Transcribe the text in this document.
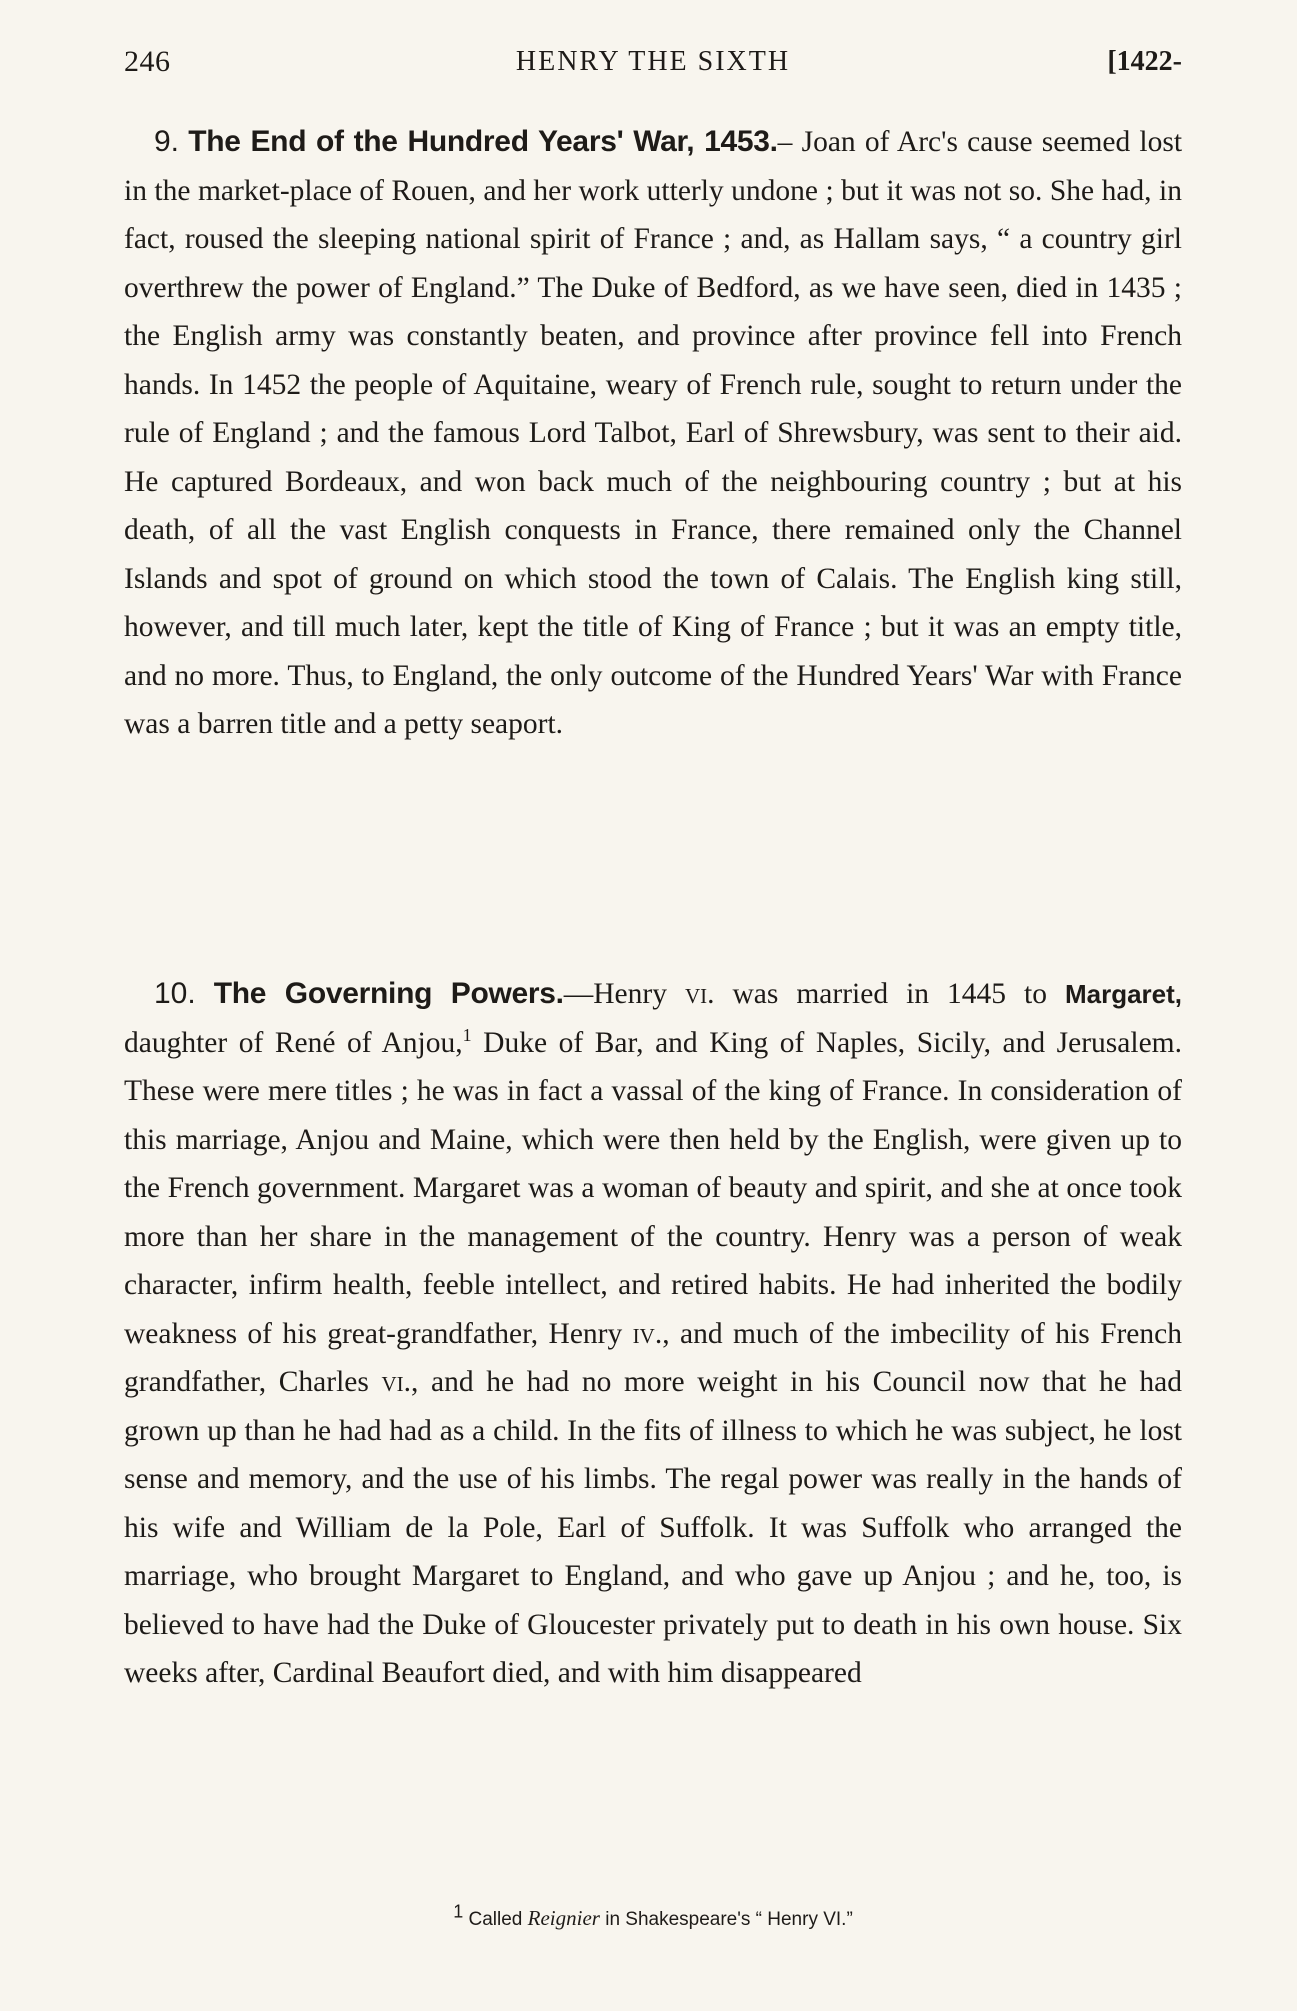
246	HENRY THE SIXTH	[1422-

9. The End of the Hundred Years' War, 1453.– Joan of Arc's cause seemed lost in the market-place of Rouen, and her work utterly undone ; but it was not so. She had, in fact, roused the sleeping national spirit of France ; and, as Hallam says, “ a country girl overthrew the power of England.” The Duke of Bedford, as we have seen, died in 1435 ; the English army was constantly beaten, and province after province fell into French hands. In 1452 the people of Aquitaine, weary of French rule, sought to return under the rule of England ; and the famous Lord Talbot, Earl of Shrewsbury, was sent to their aid. He captured Bordeaux, and won back much of the neighbouring country ; but at his death, of all the vast English conquests in France, there remained only the Channel Islands and spot of ground on which stood the town of Calais. The English king still, however, and till much later, kept the title of King of France ; but it was an empty title, and no more. Thus, to England, the only outcome of the Hundred Years' War with France was a barren title and a petty seaport.

10. The Governing Powers.—Henry vi. was married in 1445 to Margaret, daughter of René of Anjou,$^1$ Duke of Bar, and King of Naples, Sicily, and Jerusalem. These were mere titles ; he was in fact a vassal of the king of France. In consideration of this marriage, Anjou and Maine, which were then held by the English, were given up to the French government. Margaret was a woman of beauty and spirit, and she at once took more than her share in the management of the country. Henry was a person of weak character, infirm health, feeble intellect, and retired habits. He had inherited the bodily weakness of his great-grandfather, Henry iv., and much of the imbecility of his French grandfather, Charles vi., and he had no more weight in his Council now that he had grown up than he had had as a child. In the fits of illness to which he was subject, he lost sense and memory, and the use of his limbs. The regal power was really in the hands of his wife and William de la Pole, Earl of Suffolk. It was Suffolk who arranged the marriage, who brought Margaret to England, and who gave up Anjou ; and he, too, is believed to have had the Duke of Gloucester privately put to death in his own house. Six weeks after, Cardinal Beaufort died, and with him disappeared

1 Called Reignier in Shakespeare's “ Henry VI.”
